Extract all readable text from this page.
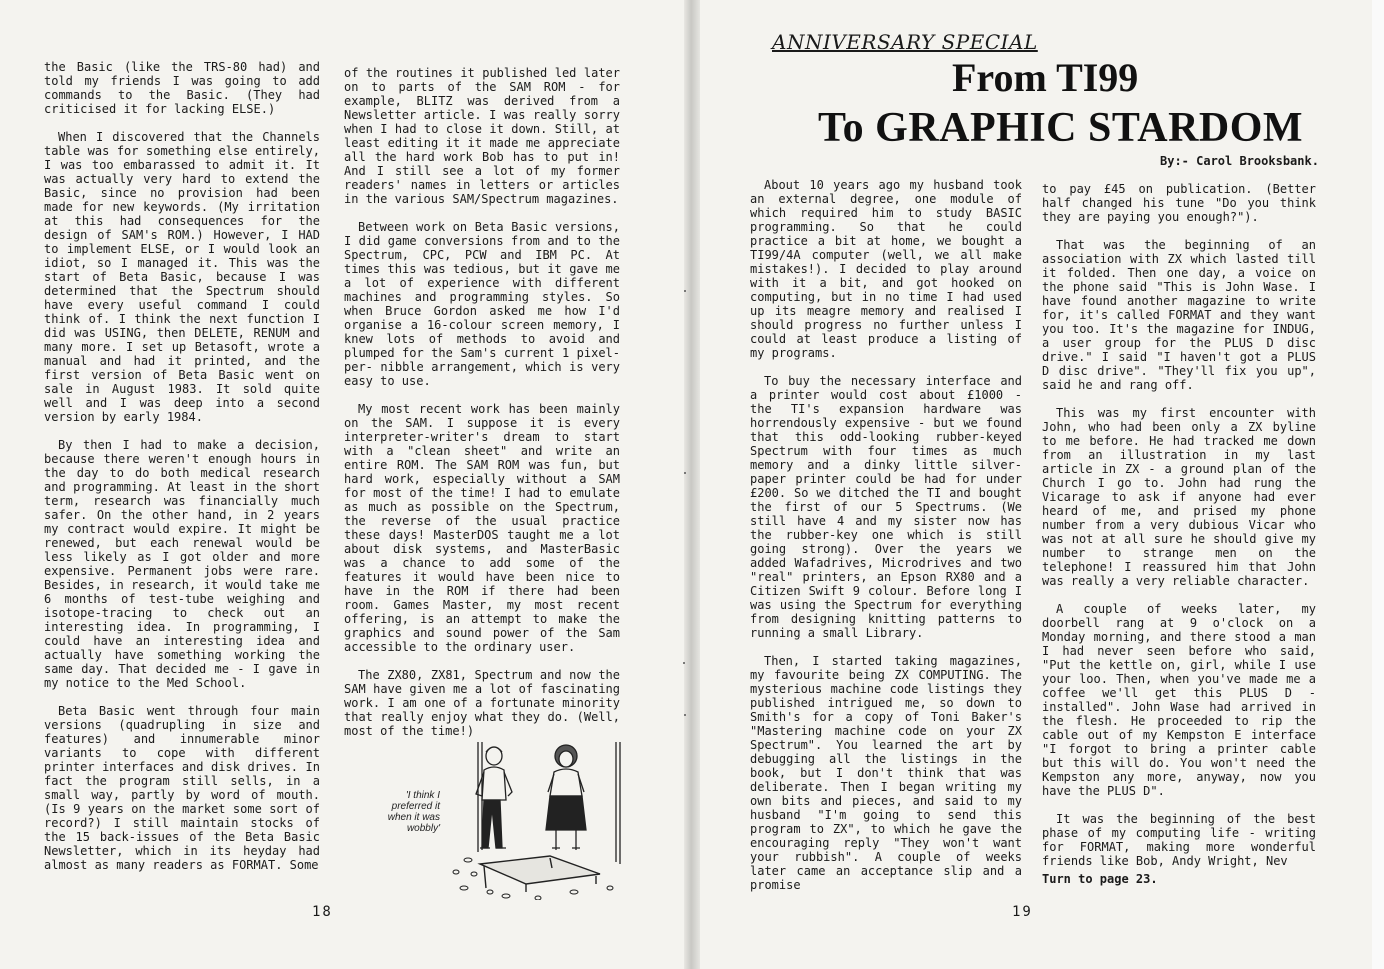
the Basic (like the TRS-80 had) and told my friends I was going to add commands to the Basic. (They had criticised it for lacking ELSE.)

When I discovered that the Channels table was for something else entirely, I was too embarassed to admit it. It was actually very hard to extend the Basic, since no provision had been made for new keywords. (My irritation at this had consequences for the design of SAM's ROM.) However, I HAD to implement ELSE, or I would look an idiot, so I managed it. This was the start of Beta Basic, because I was determined that the Spectrum should have every useful command I could think of. I think the next function I did was USING, then DELETE, RENUM and many more. I set up Betasoft, wrote a manual and had it printed, and the first version of Beta Basic went on sale in August 1983. It sold quite well and I was deep into a second version by early 1984.

By then I had to make a decision, because there weren't enough hours in the day to do both medical research and programming. At least in the short term, research was financially much safer. On the other hand, in 2 years my contract would expire. It might be renewed, but each renewal would be less likely as I got older and more expensive. Permanent jobs were rare. Besides, in research, it would take me 6 months of test-tube weighing and isotope-tracing to check out an interesting idea. In programming, I could have an interesting idea and actually have something working the same day. That decided me - I gave in my notice to the Med School.

Beta Basic went through four main versions (quadrupling in size and features) and innumerable minor variants to cope with different printer interfaces and disk drives. In fact the program still sells, in a small way, partly by word of mouth. (Is 9 years on the market some sort of record?) I still maintain stocks of the 15 back-issues of the Beta Basic Newsletter, which in its heyday had almost as many readers as FORMAT. Some

of the routines it published led later on to parts of the SAM ROM - for example, BLITZ was derived from a Newsletter article. I was really sorry when I had to close it down. Still, at least editing it it made me appreciate all the hard work Bob has to put in! And I still see a lot of my former readers' names in letters or articles in the various SAM/Spectrum magazines.

Between work on Beta Basic versions, I did game conversions from and to the Spectrum, CPC, PCW and IBM PC. At times this was tedious, but it gave me a lot of experience with different machines and programming styles. So when Bruce Gordon asked me how I'd organise a 16-colour screen memory, I knew lots of methods to avoid and plumped for the Sam's current 1 pixel-per- nibble arrangement, which is very easy to use.

My most recent work has been mainly on the SAM. I suppose it is every interpreter-writer's dream to start with a "clean sheet" and write an entire ROM. The SAM ROM was fun, but hard work, especially without a SAM for most of the time! I had to emulate as much as possible on the Spectrum, the reverse of the usual practice these days! MasterDOS taught me a lot about disk systems, and MasterBasic was a chance to add some of the features it would have been nice to have in the ROM if there had been room. Games Master, my most recent offering, is an attempt to make the graphics and sound power of the Sam accessible to the ordinary user.

The ZX80, ZX81, Spectrum and now the SAM have given me a lot of fascinating work. I am one of a fortunate minority that really enjoy what they do. (Well, most of the time!)

'I think I preferred it when it was wobbly'
18
ANNIVERSARY SPECIAL
From TI99
To GRAPHIC STARDOM
By:- Carol Brooksbank.

About 10 years ago my husband took an external degree, one module of which required him to study BASIC programming. So that he could practice a bit at home, we bought a TI99/4A computer (well, we all make mistakes!). I decided to play around with it a bit, and got hooked on computing, but in no time I had used up its meagre memory and realised I should progress no further unless I could at least produce a listing of my programs.

To buy the necessary interface and a printer would cost about £1000 - the TI's expansion hardware was horrendously expensive - but we found that this odd-looking rubber-keyed Spectrum with four times as much memory and a dinky little silver-paper printer could be had for under £200. So we ditched the TI and bought the first of our 5 Spectrums. (We still have 4 and my sister now has the rubber-key one which is still going strong). Over the years we added Wafadrives, Microdrives and two "real" printers, an Epson RX80 and a Citizen Swift 9 colour. Before long I was using the Spectrum for everything from designing knitting patterns to running a small Library.

Then, I started taking magazines, my favourite being ZX COMPUTING. The mysterious machine code listings they published intrigued me, so down to Smith's for a copy of Toni Baker's "Mastering machine code on your ZX Spectrum". You learned the art by debugging all the listings in the book, but I don't think that was deliberate. Then I began writing my own bits and pieces, and said to my husband "I'm going to send this program to ZX", to which he gave the encouraging reply "They won't want your rubbish". A couple of weeks later came an acceptance slip and a promise

to pay £45 on publication. (Better half changed his tune "Do you think they are paying you enough?").

That was the beginning of an association with ZX which lasted till it folded. Then one day, a voice on the phone said "This is John Wase. I have found another magazine to write for, it's called FORMAT and they want you too. It's the magazine for INDUG, a user group for the PLUS D disc drive." I said "I haven't got a PLUS D disc drive". "They'll fix you up", said he and rang off.

This was my first encounter with John, who had been only a ZX byline to me before. He had tracked me down from an illustration in my last article in ZX - a ground plan of the Church I go to. John had rung the Vicarage to ask if anyone had ever heard of me, and prised my phone number from a very dubious Vicar who was not at all sure he should give my number to strange men on the telephone! I reassured him that John was really a very reliable character.

A couple of weeks later, my doorbell rang at 9 o'clock on a Monday morning, and there stood a man I had never seen before who said, "Put the kettle on, girl, while I use your loo. Then, when you've made me a coffee we'll get this PLUS D -installed". John Wase had arrived in the flesh. He proceeded to rip the cable out of my Kempston E interface "I forgot to bring a printer cable but this will do. You won't need the Kempston any more, anyway, now you have the PLUS D".

It was the beginning of the best phase of my computing life - writing for FORMAT, making more wonderful friends like Bob, Andy Wright, Nev

Turn to page 23.
19
